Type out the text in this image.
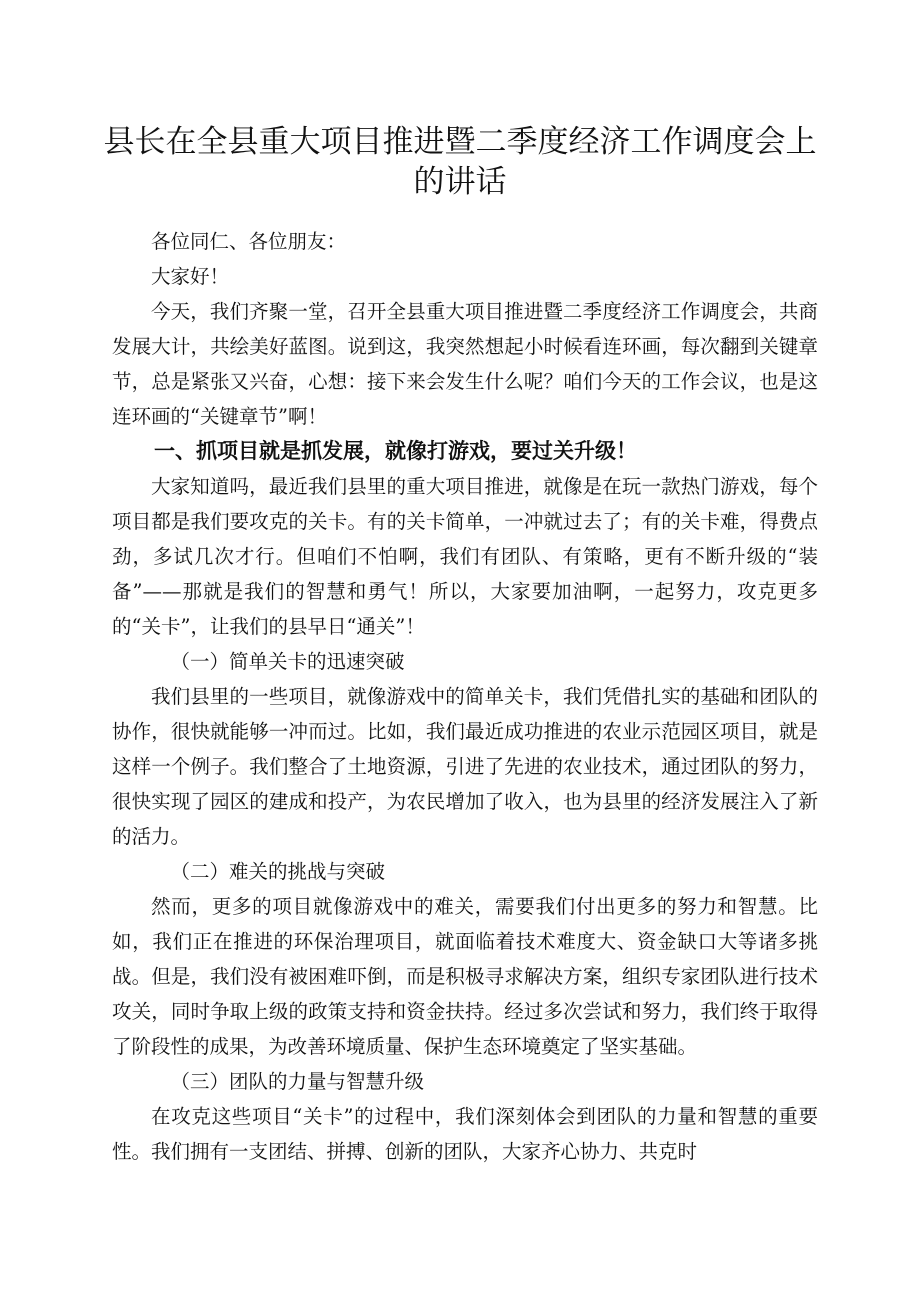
县长在全县重大项目推进暨二季度经济工作调度会上的讲话

各位同仁、各位朋友：

大家好！

今天，我们齐聚一堂，召开全县重大项目推进暨二季度经济工作调度会，共商发展大计，共绘美好蓝图。说到这，我突然想起小时候看连环画，每次翻到关键章节，总是紧张又兴奋，心想：接下来会发生什么呢？咱们今天的工作会议，也是这连环画的“关键章节”啊！

一、抓项目就是抓发展，就像打游戏，要过关升级！

大家知道吗，最近我们县里的重大项目推进，就像是在玩一款热门游戏，每个项目都是我们要攻克的关卡。有的关卡简单，一冲就过去了；有的关卡难，得费点劲，多试几次才行。但咱们不怕啊，我们有团队、有策略，更有不断升级的“装备”——那就是我们的智慧和勇气！所以，大家要加油啊，一起努力，攻克更多的“关卡”，让我们的县早日“通关”！

（一）简单关卡的迅速突破

我们县里的一些项目，就像游戏中的简单关卡，我们凭借扎实的基础和团队的协作，很快就能够一冲而过。比如，我们最近成功推进的农业示范园区项目，就是这样一个例子。我们整合了土地资源，引进了先进的农业技术，通过团队的努力，很快实现了园区的建成和投产，为农民增加了收入，也为县里的经济发展注入了新的活力。

（二）难关的挑战与突破

然而，更多的项目就像游戏中的难关，需要我们付出更多的努力和智慧。比如，我们正在推进的环保治理项目，就面临着技术难度大、资金缺口大等诸多挑战。但是，我们没有被困难吓倒，而是积极寻求解决方案，组织专家团队进行技术攻关，同时争取上级的政策支持和资金扶持。经过多次尝试和努力，我们终于取得了阶段性的成果，为改善环境质量、保护生态环境奠定了坚实基础。

（三）团队的力量与智慧升级

在攻克这些项目“关卡”的过程中，我们深刻体会到团队的力量和智慧的重要性。我们拥有一支团结、拼搏、创新的团队，大家齐心协力、共克时
